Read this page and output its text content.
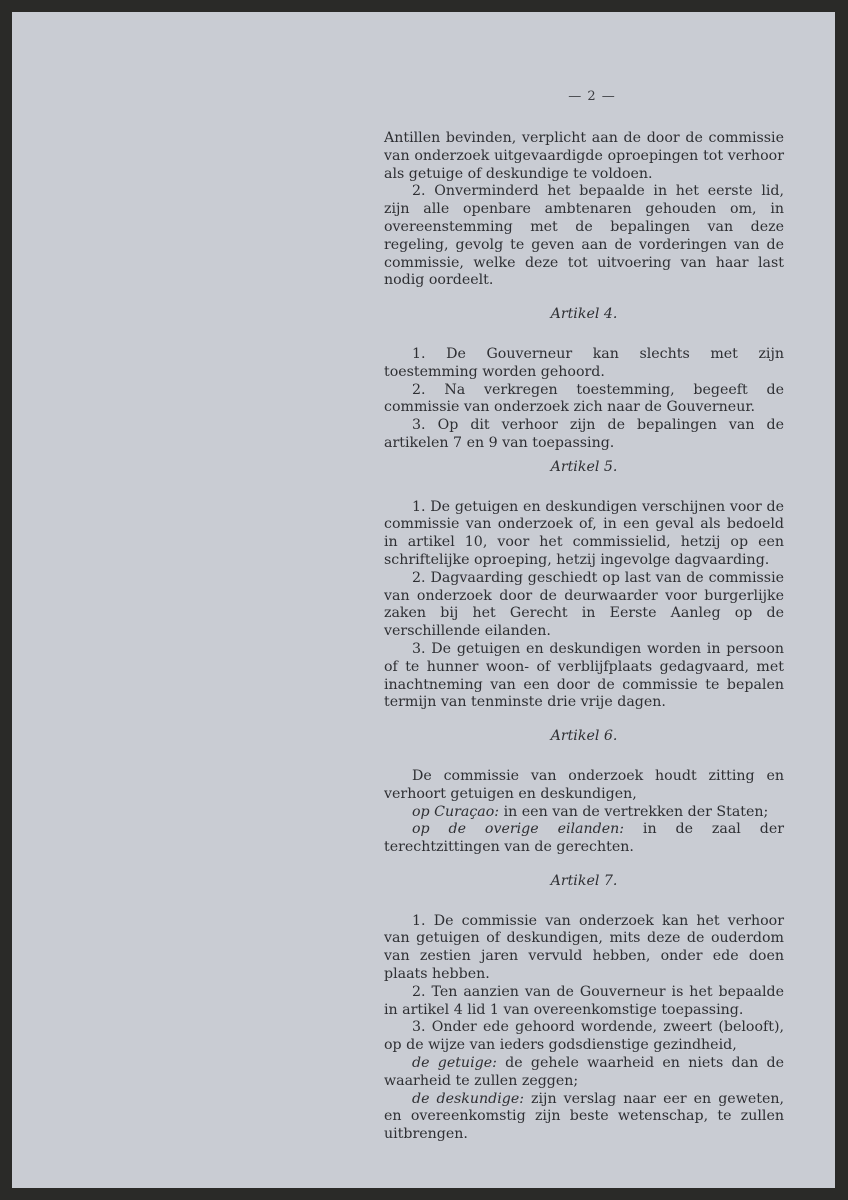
— 2 —

Antillen bevinden, verplicht aan de door de commissie van onderzoek uitgevaardigde oproepingen tot verhoor als getuige of deskundige te voldoen.

2. Onverminderd het bepaalde in het eerste lid, zijn alle openbare ambtenaren gehouden om, in overeenstemming met de bepalingen van deze regeling, gevolg te geven aan de vorderingen van de commissie, welke deze tot uitvoering van haar last nodig oordeelt.

Artikel 4.

1. De Gouverneur kan slechts met zijn toestemming worden gehoord.

2. Na verkregen toestemming, begeeft de commissie van onderzoek zich naar de Gouverneur.

3. Op dit verhoor zijn de bepalingen van de artikelen 7 en 9 van toepassing.

Artikel 5.

1. De getuigen en deskundigen verschijnen voor de commissie van onderzoek of, in een geval als bedoeld in artikel 10, voor het commissielid, hetzij op een schriftelijke oproeping, hetzij ingevolge dagvaarding.

2. Dagvaarding geschiedt op last van de commissie van onderzoek door de deurwaarder voor burgerlijke zaken bij het Gerecht in Eerste Aanleg op de verschillende eilanden.

3. De getuigen en deskundigen worden in persoon of te hunner woon- of verblijfplaats gedagvaard, met inachtneming van een door de commissie te bepalen termijn van tenminste drie vrije dagen.

Artikel 6.

De commissie van onderzoek houdt zitting en verhoort getuigen en deskundigen,

op Curaçao: in een van de vertrekken der Staten;

op de overige eilanden: in de zaal der terechtzittingen van de gerechten.

Artikel 7.

1. De commissie van onderzoek kan het verhoor van getuigen of deskundigen, mits deze de ouderdom van zestien jaren vervuld hebben, onder ede doen plaats hebben.

2. Ten aanzien van de Gouverneur is het bepaalde in artikel 4 lid 1 van overeenkomstige toepassing.

3. Onder ede gehoord wordende, zweert (belooft), op de wijze van ieders godsdienstige gezindheid,

de getuige: de gehele waarheid en niets dan de waarheid te zullen zeggen;

de deskundige: zijn verslag naar eer en geweten, en overeenkomstig zijn beste wetenschap, te zullen uitbrengen.
